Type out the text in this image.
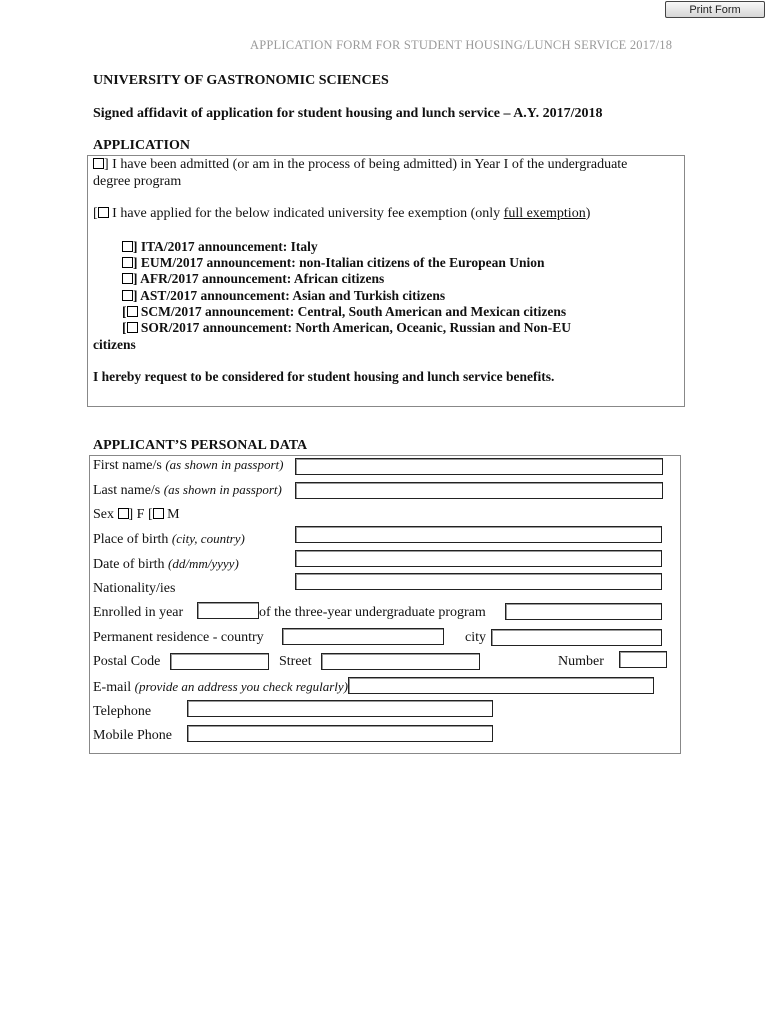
Print Form
APPLICATION FORM FOR STUDENT HOUSING/LUNCH SERVICE 2017/18
UNIVERSITY OF GASTRONOMIC SCIENCES
Signed affidavit of application for student housing and lunch service – A.Y. 2017/2018
APPLICATION
] I have been admitted (or am in the process of being admitted) in Year I of the undergraduate
degree program
[ I have applied for the below indicated university fee exemption (only full exemption)
] ITA/2017 announcement: Italy
] EUM/2017 announcement: non-Italian citizens of the European Union
] AFR/2017 announcement: African citizens
] AST/2017 announcement: Asian and Turkish citizens
[ SCM/2017 announcement: Central, South American and Mexican citizens
[ SOR/2017 announcement: North American, Oceanic, Russian and Non-EU
citizens
I hereby request to be considered for student housing and lunch service benefits.
APPLICANT’S PERSONAL DATA
First name/s (as shown in passport)
Last name/s (as shown in passport)
Sex ] F [ M
Place of birth (city, country)
Date of birth (dd/mm/yyyy)
Nationality/ies
Enrolled in year	of the three-year undergraduate program
Permanent residence - country	city
Postal Code	Street	Number
E-mail (provide an address you check regularly)
Telephone
Mobile Phone
